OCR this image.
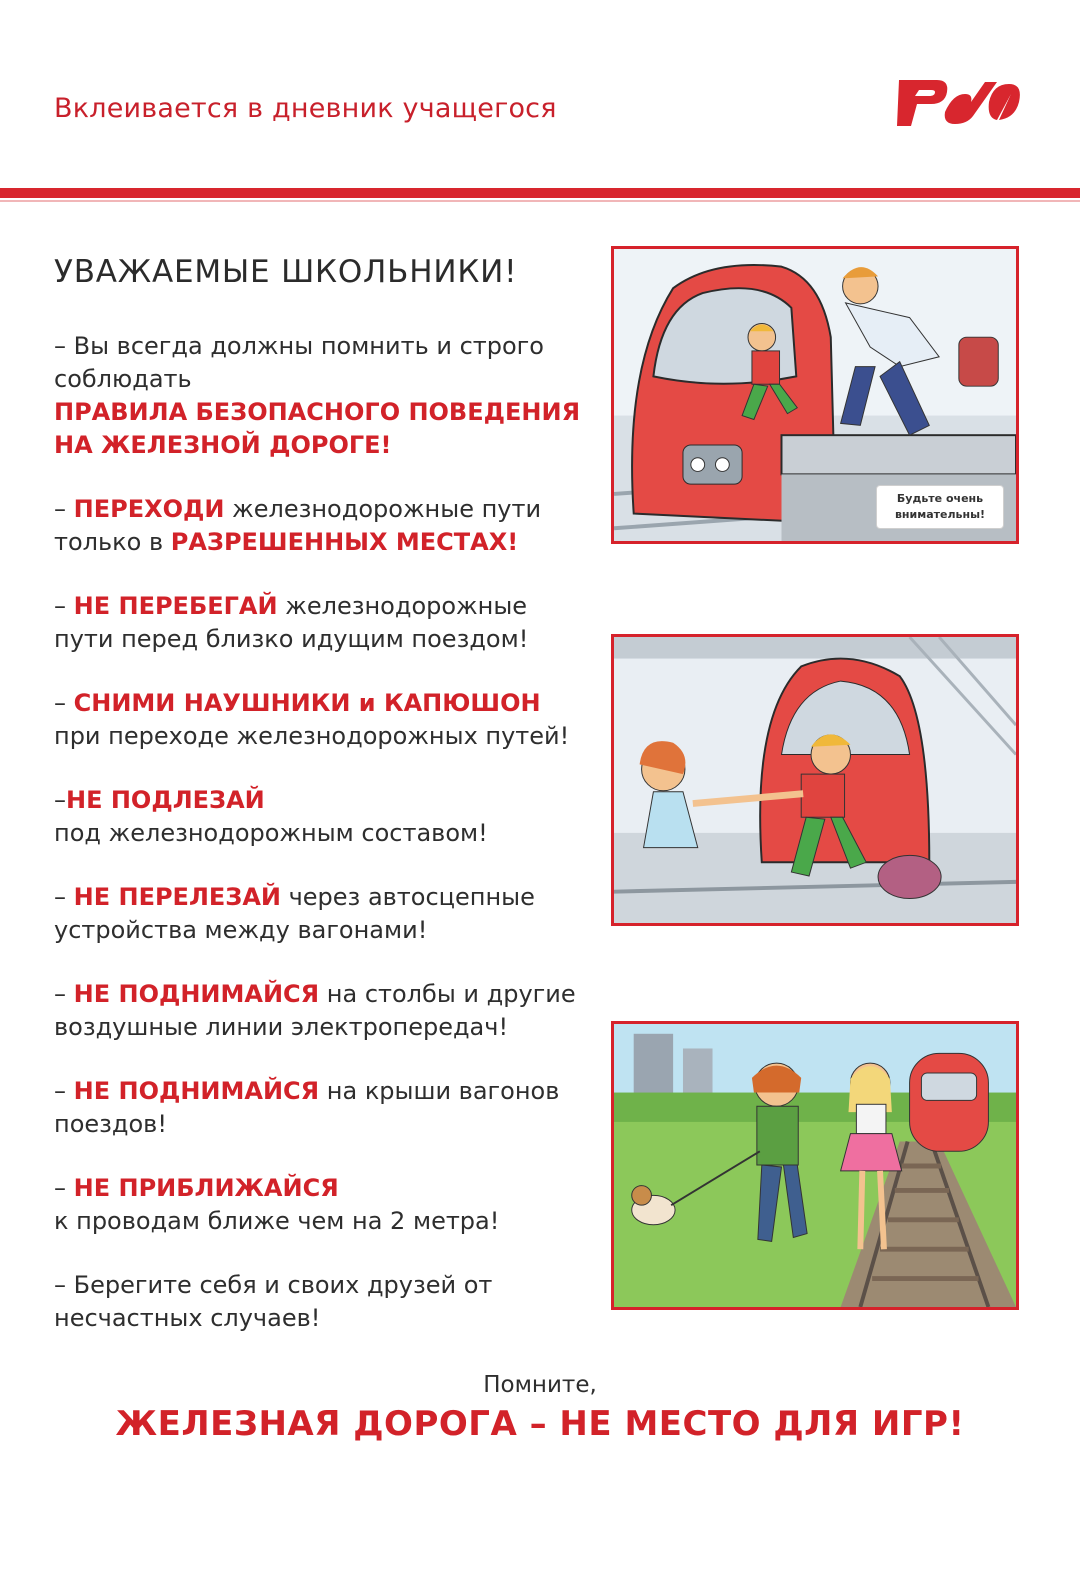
Вклеивается в дневник учащегося
УВАЖАЕМЫЕ ШКОЛЬНИКИ!
– Вы всегда должны помнить и строго соблюдать
ПРАВИЛА БЕЗОПАСНОГО ПОВЕДЕНИЯ НА ЖЕЛЕЗНОЙ ДОРОГЕ!
– ПЕРЕХОДИ железнодорожные пути только в РАЗРЕШЕННЫХ МЕСТАХ!
– НЕ ПЕРЕБЕГАЙ железнодорожные пути перед близко идущим поездом!
– СНИМИ НАУШНИКИ и КАПЮШОН при переходе железнодорожных путей!
–НЕ ПОДЛЕЗАЙ
под железнодорожным составом!
– НЕ ПЕРЕЛЕЗАЙ через автосцепные устройства между вагонами!
– НЕ ПОДНИМАЙСЯ на столбы и другие воздушные линии электропередач!
– НЕ ПОДНИМАЙСЯ на крыши вагонов поездов!
– НЕ ПРИБЛИЖАЙСЯ
к проводам ближе чем на 2 метра!
– Берегите себя и своих друзей от несчастных случаев!
Будьте очень внимательны!
Помните,
ЖЕЛЕЗНАЯ ДОРОГА – НЕ МЕСТО ДЛЯ ИГР!
